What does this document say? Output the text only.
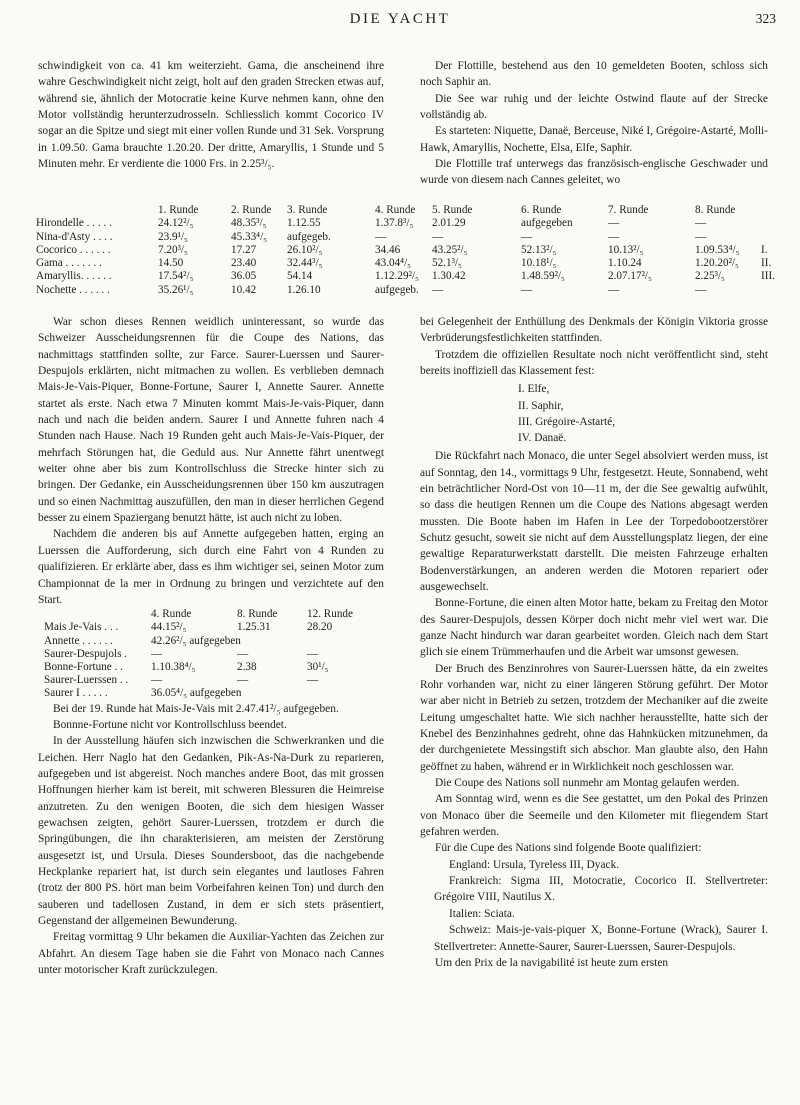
DIE YACHT	323

schwindigkeit von ca. 41 km weiterzieht. Gama, die anscheinend ihre wahre Geschwindigkeit nicht zeigt, holt auf den graden Strecken etwas auf, während sie, ähnlich der Motocratie keine Kurve nehmen kann, ohne den Motor vollständig herunterzudrosseln. Schliesslich kommt Cocorico IV sogar an die Spitze und siegt mit einer vollen Runde und 31 Sek. Vorsprung in 1.09.50. Gama brauchte 1.20.20. Der dritte, Amaryllis, 1 Stunde und 5 Minuten mehr. Er verdiente die 1000 Frs. in 2.25³/₅.

Der Flottille, bestehend aus den 10 gemeldeten Booten, schloss sich noch Saphir an.

Die See war ruhig und der leichte Ostwind flaute auf der Strecke vollständig ab.

Es starteten: Niquette, Danaë, Berceuse, Niké I, Grégoire-Astarté, Molli-Hawk, Amaryllis, Nochette, Elsa, Elfe, Saphir.

Die Flottille traf unterwegs das französisch-englische Geschwader und wurde von diesem nach Cannes geleitet, wo

	1. Runde	2. Runde	3. Runde	4. Runde	5. Runde	6. Runde	7. Runde	8. Runde	
Hirondelle . . . . .	24.12²/₅	48.35³/₅	1.12.55	1.37.8³/₅	2.01.29	aufgegeben	—	—	
Nina-d'Asty . . . .	23.9¹/₅	45.33⁴/₅	aufgegeb.	—	—	—	—	—	
Cocorico . . . . . .	7.20³/₅	17.27	26.10²/₅	34.46	43.25²/₅	52.13²/₅	10.13²/₅	1.09.53⁴/₅	I.
Gama . . . . . . .	14.50	23.40	32.44³/₅	43.04⁴/₅	52.1³/₅	10.18¹/₅	1.10.24	1.20.20²/₅	II.
Amaryllis. . . . . .	17.54²/₅	36.05	54.14	1.12.29²/₅	1.30.42	1.48.59²/₅	2.07.17²/₅	2.25³/₅	III.
Nochette . . . . . .	35.26¹/₅	10.42	1.26.10	aufgegeb.	—	—	—	—	

War schon dieses Rennen weidlich uninteressant, so wurde das Schweizer Ausscheidungsrennen für die Coupe des Nations, das nachmittags stattfinden sollte, zur Farce. Saurer-Luerssen und Saurer-Despujols erklärten, nicht mitmachen zu wollen. Es verblieben demnach Mais-Je-Vais-Piquer, Bonne-Fortune, Saurer I, Annette Saurer. Annette startet als erste. Nach etwa 7 Minuten kommt Mais-Je-vais-Piquer, dann nach und nach die beiden andern. Saurer I und Annette fuhren nach 4 Stunden nach Hause. Nach 19 Runden geht auch Mais-Je-Vais-Piquer, der mehrfach Störungen hat, die Geduld aus. Nur Annette fährt unentwegt weiter ohne aber bis zum Kontrollschluss die Strecke hinter sich zu bringen. Der Gedanke, ein Ausscheidungsrennen über 150 km auszutragen und so einen Nachmittag auszufüllen, den man in dieser herrlichen Gegend besser zu einem Spaziergang benutzt hätte, ist auch nicht zu loben.

Nachdem die anderen bis auf Annette aufgegeben hatten, erging an Luerssen die Aufforderung, sich durch eine Fahrt von 4 Runden zu qualifizieren. Er erklärte aber, dass es ihm wichtiger sei, seinen Motor zum Championnat de la mer in Ordnung zu bringen und verzichtete auf den Start.

	4. Runde	8. Runde	12. Runde
Mais Je-Vais . . .	44.15²/₅	1.25.31	28.20
Annette . . . . . .	42.26²/₅ aufgegeben		
Saurer-Despujols .	—	—	—
Bonne-Fortune . .	1.10.38⁴/₅	2.38	30¹/₅
Saurer-Luerssen . .	—	—	—
Saurer I . . . . .	36.05⁴/₅ aufgegeben		

Bei der 19. Runde hat Mais-Je-Vais mit 2.47.41²/₅ aufgegeben.

Bonnne-Fortune nicht vor Kontrollschluss beendet.

In der Ausstellung häufen sich inzwischen die Schwerkranken und die Leichen. Herr Naglo hat den Gedanken, Pik-As-Na-Durk zu reparieren, aufgegeben und ist abgereist. Noch manches andere Boot, das mit grossen Hoffnungen hierher kam ist bereit, mit schweren Blessuren die Heimreise anzutreten. Zu den wenigen Booten, die sich dem hiesigen Wasser gewachsen zeigten, gehört Saurer-Luerssen, trotzdem er durch die Springübungen, die ihn charakterisieren, am meisten der Zerstörung ausgesetzt ist, und Ursula. Dieses Soundersboot, das die nachgebende Heckplanke repariert hat, ist durch sein elegantes und lautloses Fahren (trotz der 800 PS. hört man beim Vorbeifahren keinen Ton) und durch den sauberen und tadellosen Zustand, in dem er sich stets präsentiert, Gegenstand der allgemeinen Bewunderung.

Freitag vormittag 9 Uhr bekamen die Auxiliar-Yachten das Zeichen zur Abfahrt. An diesem Tage haben sie die Fahrt von Monaco nach Cannes unter motorischer Kraft zurückzulegen.

bei Gelegenheit der Enthüllung des Denkmals der Königin Viktoria grosse Verbrüderungsfestlichkeiten stattfinden.

Trotzdem die offiziellen Resultate noch nicht veröffentlicht sind, steht bereits inoffiziell das Klassement fest:

I. Elfe,
II. Saphir,
III. Grégoire-Astarté,
IV. Danaë.

Die Rückfahrt nach Monaco, die unter Segel absolviert werden muss, ist auf Sonntag, den 14., vormittags 9 Uhr, festgesetzt. Heute, Sonnabend, weht ein beträchtlicher Nord-Ost von 10—11 m, der die See gewaltig aufwühlt, so dass die heutigen Rennen um die Coupe des Nations abgesagt werden mussten. Die Boote haben im Hafen in Lee der Torpedobootzerstörer Schutz gesucht, soweit sie nicht auf dem Ausstellungsplatz liegen, der eine gewaltige Reparaturwerkstatt darstellt. Die meisten Fahrzeuge erhalten Bodenverstärkungen, an anderen werden die Motoren repariert oder ausgewechselt.

Bonne-Fortune, die einen alten Motor hatte, bekam zu Freitag den Motor des Saurer-Despujols, dessen Körper doch nicht mehr viel wert war. Die ganze Nacht hindurch war daran gearbeitet worden. Gleich nach dem Start glich sie einem Trümmerhaufen und die Arbeit war umsonst gewesen.

Der Bruch des Benzinrohres von Saurer-Luerssen hätte, da ein zweites Rohr vorhanden war, nicht zu einer längeren Störung geführt. Der Motor war aber nicht in Betrieb zu setzen, trotzdem der Mechaniker auf die zweite Leitung umgeschaltet hatte. Wie sich nachher herausstellte, hatte sich der Knebel des Benzinhahnes gedreht, ohne das Hahnkücken mitzunehmen, da der durchgenietete Messingstift sich abschor. Man glaubte also, den Hahn geöffnet zu haben, während er in Wirklichkeit noch geschlossen war.

Die Coupe des Nations soll nunmehr am Montag gelaufen werden.

Am Sonntag wird, wenn es die See gestattet, um den Pokal des Prinzen von Monaco über die Seemeile und den Kilometer mit fliegendem Start gefahren werden.

Für die Cupe des Nations sind folgende Boote qualifiziert:

England: Ursula, Tyreless III, Dyack.

Frankreich: Sigma III, Motocratie, Cocorico II. Stellvertreter: Grégoire VIII, Nautilus X.

Italien: Sciata.

Schweiz: Mais-je-vais-piquer X, Bonne-Fortune (Wrack), Saurer I. Stellvertreter: Annette-Saurer, Saurer-Luerssen, Saurer-Despujols.

Um den Prix de la navigabilité ist heute zum ersten
